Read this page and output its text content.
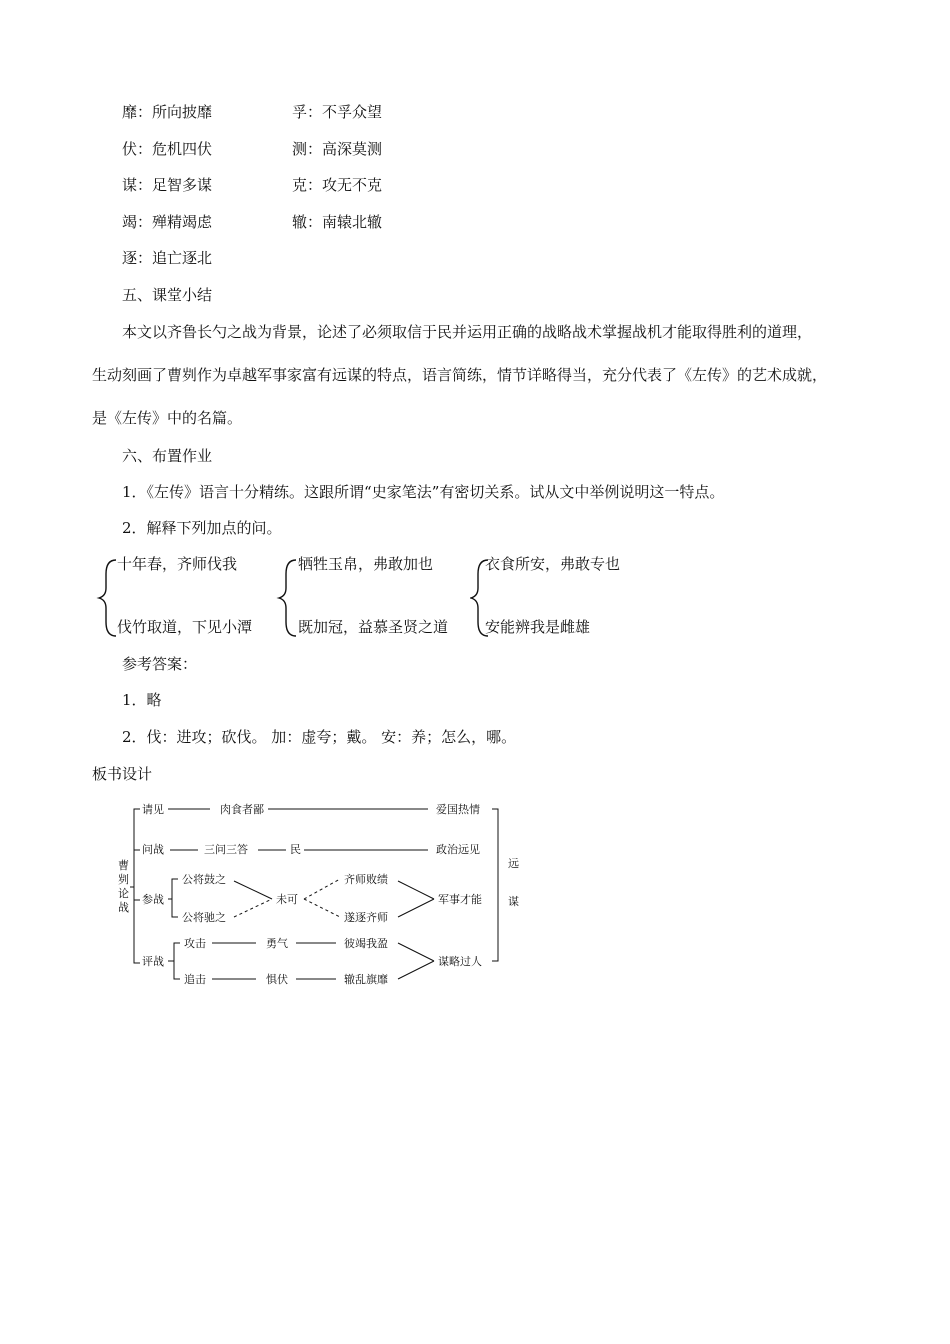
靡：所向披靡	孚：不孚众望
伏：危机四伏	测：高深莫测
谋：足智多谋	克：攻无不克
竭：殚精竭虑	辙：南辕北辙
逐：追亡逐北
五、课堂小结
本文以齐鲁长勺之战为背景，论述了必须取信于民并运用正确的战略战术掌握战机才能取得胜利的道理，
生动刻画了曹刿作为卓越军事家富有远谋的特点，语言简练，情节详略得当，充分代表了《左传》的艺术成就，
是《左传》中的名篇。
六、布置作业
1．《左传》语言十分精练。这跟所谓“史家笔法”有密切关系。试从文中举例说明这一特点。
2．解释下列加点的问。
十年春，齐师伐我
伐竹取道，下见小潭
牺牲玉帛，弗敢加也
既加冠，益慕圣贤之道
衣食所安，弗敢专也
安能辨我是雌雄
参考答案：
1．略
2．伐：进攻；砍伐。 加：虚夸；戴。 安：养；怎么，哪。
板书设计
曹
刿
论
战
请见	肉食者鄙	爱国热情
问战	三问三答	民	政治远见
参战
公将鼓之
公将驰之
未可
齐师败绩
遂逐齐师
军事才能
评战
攻击	勇气	彼竭我盈
追击	惧伏	辙乱旗靡
谋略过人
远
谋
